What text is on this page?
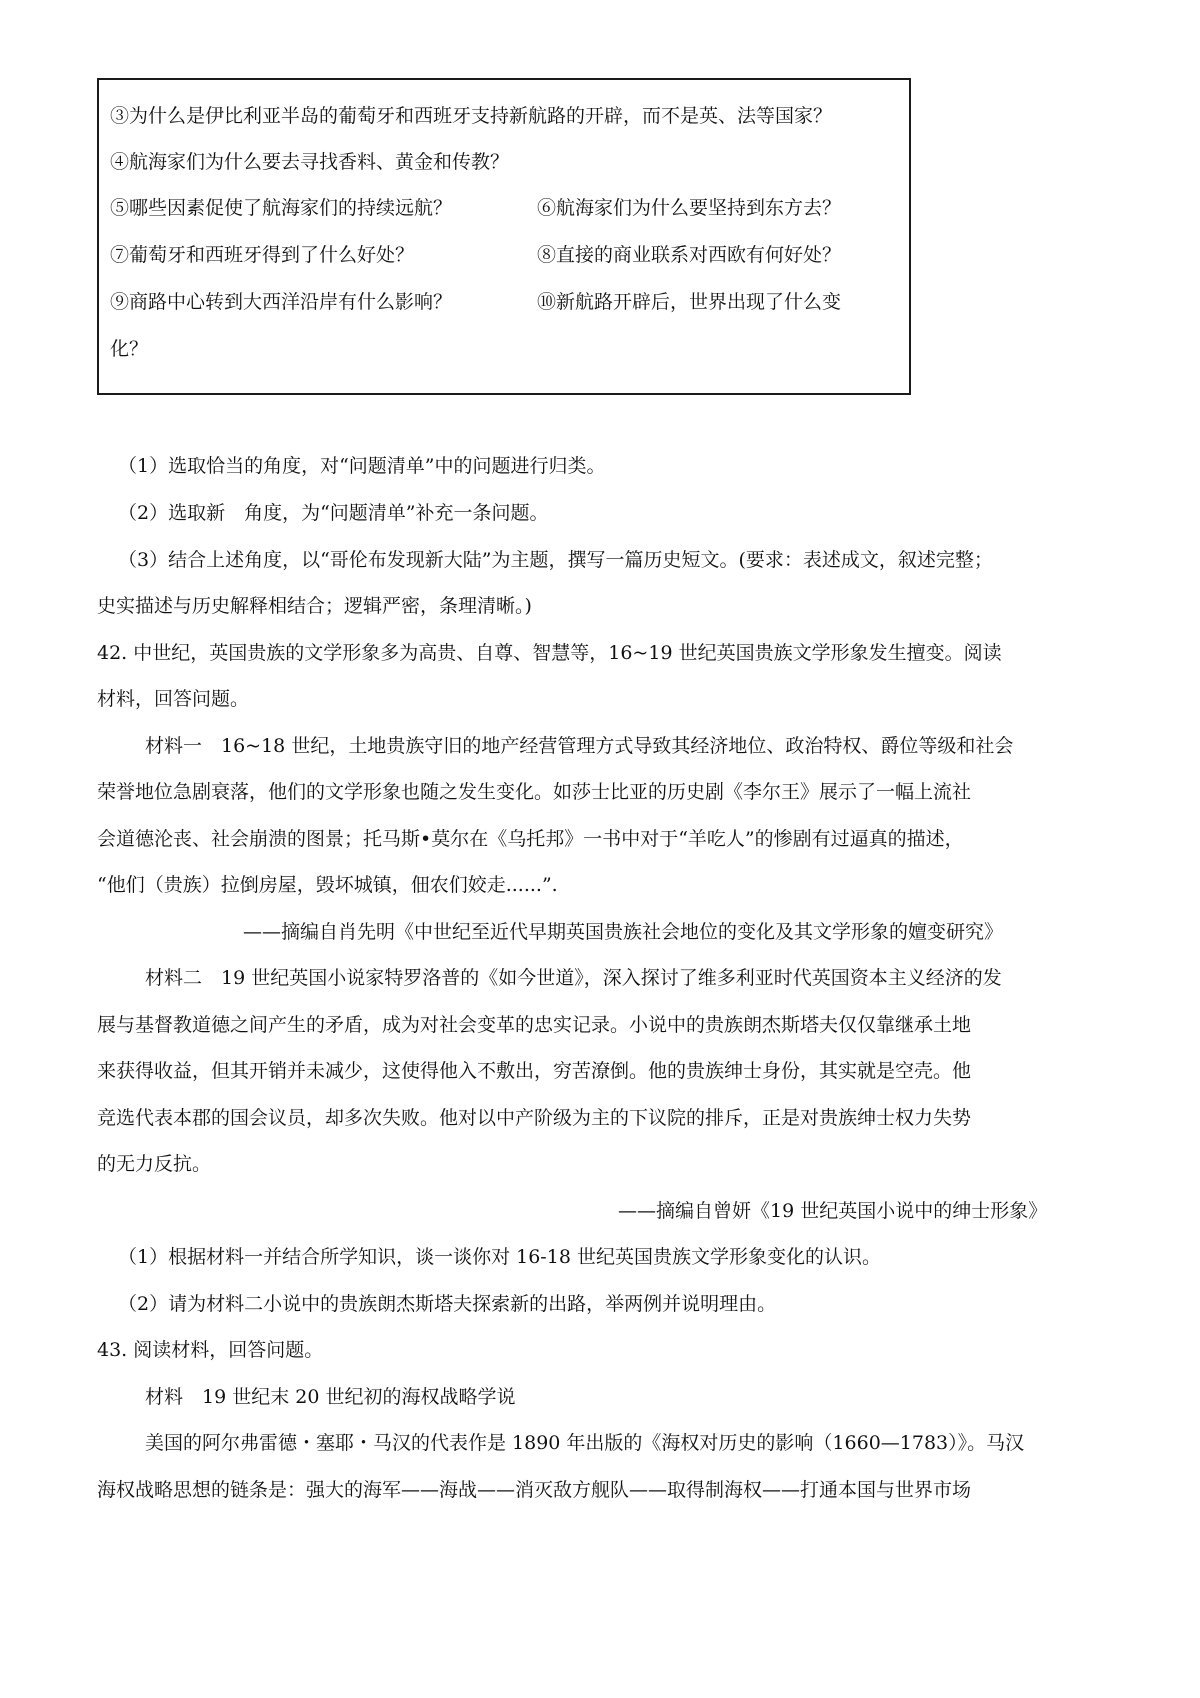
③为什么是伊比利亚半岛的葡萄牙和西班牙支持新航路的开辟，而不是英、法等国家？
④航海家们为什么要去寻找香料、黄金和传教？
⑤哪些因素促使了航海家们的持续远航？	⑥航海家们为什么要坚持到东方去？
⑦葡萄牙和西班牙得到了什么好处？	⑧直接的商业联系对西欧有何好处？
⑨商路中心转到大西洋沿岸有什么影响？	⑩新航路开辟后，世界出现了什么变
化？
（1）选取恰当的角度，对“问题清单”中的问题进行归类。
（2）选取新　角度，为“问题清单”补充一条问题。
（3）结合上述角度，以“哥伦布发现新大陆”为主题，撰写一篇历史短文。(要求：表述成文，叙述完整；
史实描述与历史解释相结合；逻辑严密，条理清晰。)
42. 中世纪，英国贵族的文学形象多为高贵、自尊、智慧等，16~19 世纪英国贵族文学形象发生擅变。阅读
材料，回答问题。
材料一　16~18 世纪，土地贵族守旧的地产经营管理方式导致其经济地位、政治特权、爵位等级和社会
荣誉地位急剧衰落，他们的文学形象也随之发生变化。如莎士比亚的历史剧《李尔王》展示了一幅上流社
会道德沦丧、社会崩溃的图景；托马斯•莫尔在《乌托邦》一书中对于“羊吃人”的惨剧有过逼真的描述，
“他们（贵族）拉倒房屋，毁坏城镇，佃农们姣走......”.
——摘编自肖先明《中世纪至近代早期英国贵族社会地位的变化及其文学形象的嬗变研究》
材料二　19 世纪英国小说家特罗洛普的《如今世道》，深入探讨了维多利亚时代英国资本主义经济的发
展与基督教道德之间产生的矛盾，成为对社会变革的忠实记录。小说中的贵族朗杰斯塔夫仅仅靠继承土地
来获得收益，但其开销并未减少，这使得他入不敷出，穷苦潦倒。他的贵族绅士身份，其实就是空壳。他
竞选代表本郡的国会议员，却多次失败。他对以中产阶级为主的下议院的排斥，正是对贵族绅士权力失势
的无力反抗。
——摘编自曾妍《19 世纪英国小说中的绅士形象》
（1）根据材料一并结合所学知识，谈一谈你对 16-18 世纪英国贵族文学形象变化的认识。
（2）请为材料二小说中的贵族朗杰斯塔夫探索新的出路，举两例并说明理由。
43. 阅读材料，回答问题。
材料　19 世纪末 20 世纪初的海权战略学说
美国的阿尔弗雷德・塞耶・马汉的代表作是 1890 年出版的《海权对历史的影响（1660—1783）》。马汉
海权战略思想的链条是：强大的海军——海战——消灭敌方舰队——取得制海权——打通本国与世界市场
